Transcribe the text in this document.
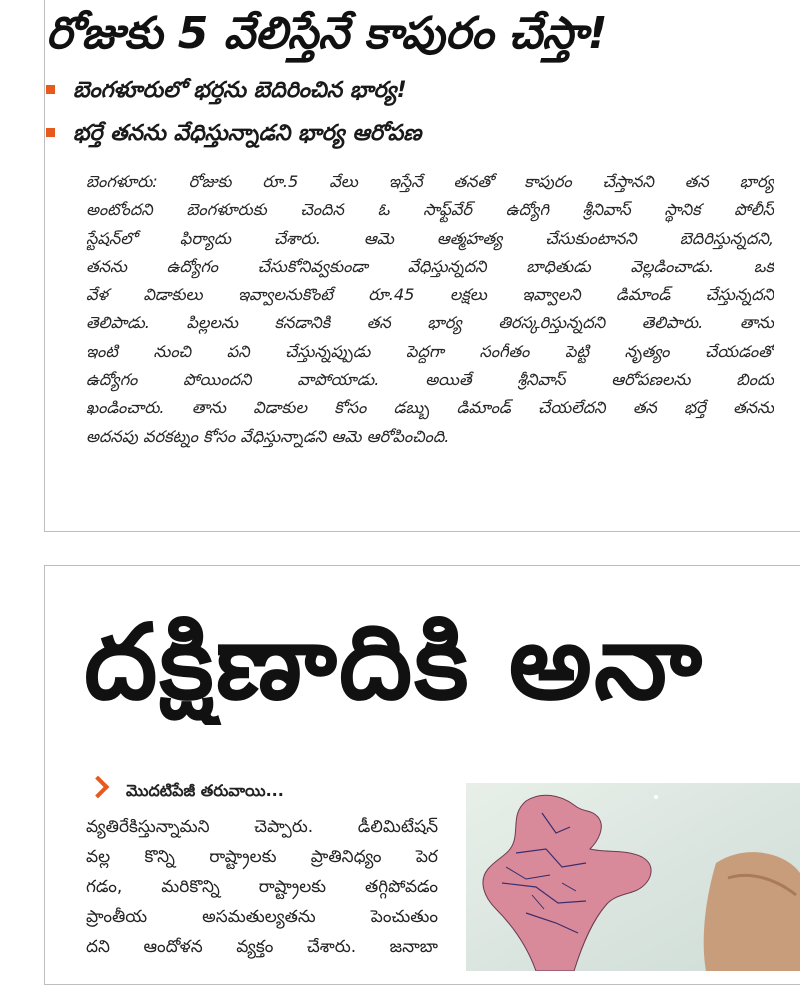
రోజుకు 5 వేలిస్తేనే కాపురం చేస్తా!
బెంగళూరులో భర్తను బెదిరించిన భార్య!
భర్తే తనను వేధిస్తున్నాడని భార్య ఆరోపణ
బెంగళూరు: రోజుకు రూ.5 వేలు ఇస్తేనే తనతో కాపురం చేస్తానని తన భార్య
అంటోందని బెంగళూరుకు చెందిన ఓ సాఫ్ట్‌వేర్ ఉద్యోగి శ్రీనివాస్ స్థానిక పోలీస్
స్టేషన్‌లో ఫిర్యాదు చేశారు. ఆమె ఆత్మహత్య చేసుకుంటానని బెదిరిస్తున్నదని,
తనను ఉద్యోగం చేసుకోనివ్వకుండా వేధిస్తున్నదని బాధితుడు వెల్లడించాడు. ఒక
వేళ విడాకులు ఇవ్వాలనుకొంటే రూ.45 లక్షలు ఇవ్వాలని డిమాండ్ చేస్తున్నదని
తెలిపాడు. పిల్లలను కనడానికి తన భార్య తిరస్కరిస్తున్నదని తెలిపారు. తాను
ఇంటి నుంచి పని చేస్తున్నప్పుడు పెద్దగా సంగీతం పెట్టి నృత్యం చేయడంతో
ఉద్యోగం పోయిందని వాపోయాడు. అయితే శ్రీనివాస్ ఆరోపణలను బిందు
ఖండించారు. తాను విడాకుల కోసం డబ్బు డిమాండ్ చేయలేదని తన భర్తే తనను
అదనపు వరకట్నం కోసం వేధిస్తున్నాడని ఆమె ఆరోపించింది.
దక్షిణాదికి అనా
మొదటిపేజీ తరువాయి...
వ్యతిరేకిస్తున్నామని చెప్పారు. డీలిమిటేషన్
వల్ల కొన్ని రాష్ట్రాలకు ప్రాతినిధ్యం పెర
గడం, మరికొన్ని రాష్ట్రాలకు తగ్గిపోవడం
ప్రాంతీయ అసమతుల్యతను పెంచుతుం
దని ఆందోళన వ్యక్తం చేశారు. జనాబా
